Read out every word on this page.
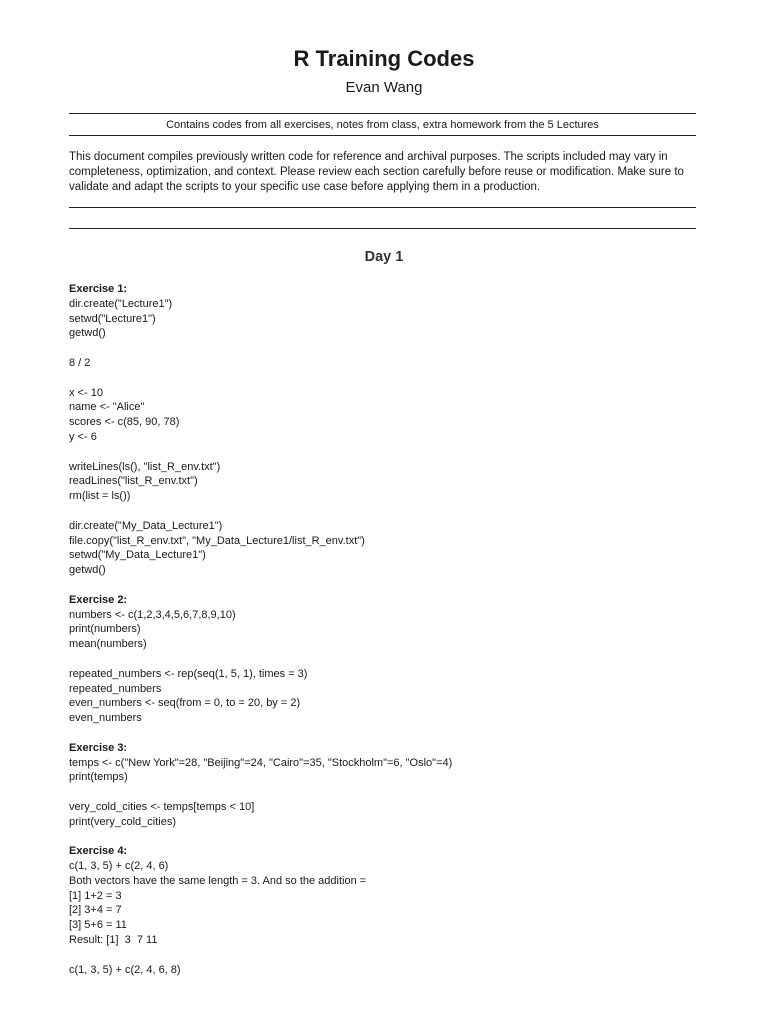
R Training Codes
Evan Wang
Contains codes from all exercises, notes from class, extra homework from the 5 Lectures
This document compiles previously written code for reference and archival purposes. The scripts included may vary in completeness, optimization, and context. Please review each section carefully before reuse or modification. Make sure to validate and adapt the scripts to your specific use case before applying them in a production.
Day 1
Exercise 1:
dir.create("Lecture1")
setwd("Lecture1")
getwd()
8 / 2
x <- 10
name <- "Alice"
scores <- c(85, 90, 78)
y <- 6
writeLines(ls(), "list_R_env.txt")
readLines("list_R_env.txt")
rm(list = ls())
dir.create("My_Data_Lecture1")
file.copy("list_R_env.txt", "My_Data_Lecture1/list_R_env.txt")
setwd("My_Data_Lecture1")
getwd()
Exercise 2:
numbers <- c(1,2,3,4,5,6,7,8,9,10)
print(numbers)
mean(numbers)
repeated_numbers <- rep(seq(1, 5, 1), times = 3)
repeated_numbers
even_numbers <- seq(from = 0, to = 20, by = 2)
even_numbers
Exercise 3:
temps <- c("New York"=28, "Beijing"=24, "Cairo"=35, "Stockholm"=6, "Oslo"=4)
print(temps)
very_cold_cities <- temps[temps < 10]
print(very_cold_cities)
Exercise 4:
c(1, 3, 5) + c(2, 4, 6)
Both vectors have the same length = 3. And so the addition =
[1] 1+2 = 3
[2] 3+4 = 7
[3] 5+6 = 11
Result: [1]  3  7 11
c(1, 3, 5) + c(2, 4, 6, 8)
